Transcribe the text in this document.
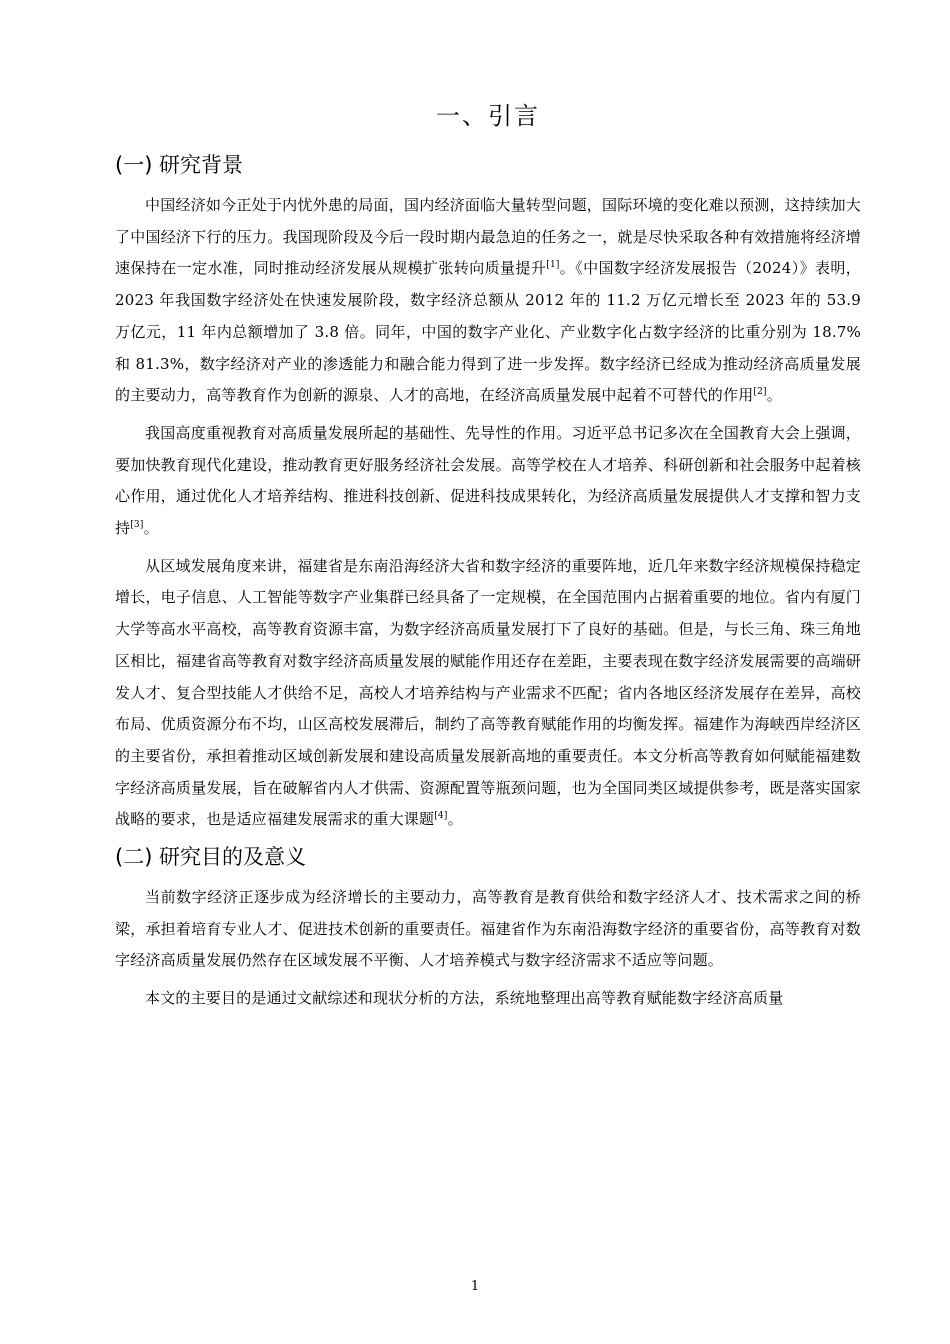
一、引言
(一) 研究背景

中国经济如今正处于内忧外患的局面，国内经济面临大量转型问题，国际环境的变化难以预测，这持续加大了中国经济下行的压力。我国现阶段及今后一段时期内最急迫的任务之一，就是尽快采取各种有效措施将经济增速保持在一定水准，同时推动经济发展从规模扩张转向质量提升[1]。《中国数字经济发展报告（2024）》表明，2023 年我国数字经济处在快速发展阶段，数字经济总额从 2012 年的 11.2 万亿元增长至 2023 年的 53.9 万亿元，11 年内总额增加了 3.8 倍。同年，中国的数字产业化、产业数字化占数字经济的比重分别为 18.7%和 81.3%，数字经济对产业的渗透能力和融合能力得到了进一步发挥。数字经济已经成为推动经济高质量发展的主要动力，高等教育作为创新的源泉、人才的高地，在经济高质量发展中起着不可替代的作用[2]。

我国高度重视教育对高质量发展所起的基础性、先导性的作用。习近平总书记多次在全国教育大会上强调，要加快教育现代化建设，推动教育更好服务经济社会发展。高等学校在人才培养、科研创新和社会服务中起着核心作用，通过优化人才培养结构、推进科技创新、促进科技成果转化，为经济高质量发展提供人才支撑和智力支持[3]。

从区域发展角度来讲，福建省是东南沿海经济大省和数字经济的重要阵地，近几年来数字经济规模保持稳定增长，电子信息、人工智能等数字产业集群已经具备了一定规模，在全国范围内占据着重要的地位。省内有厦门大学等高水平高校，高等教育资源丰富，为数字经济高质量发展打下了良好的基础。但是，与长三角、珠三角地区相比，福建省高等教育对数字经济高质量发展的赋能作用还存在差距，主要表现在数字经济发展需要的高端研发人才、复合型技能人才供给不足，高校人才培养结构与产业需求不匹配；省内各地区经济发展存在差异，高校布局、优质资源分布不均，山区高校发展滞后，制约了高等教育赋能作用的均衡发挥。福建作为海峡西岸经济区的主要省份，承担着推动区域创新发展和建设高质量发展新高地的重要责任。本文分析高等教育如何赋能福建数字经济高质量发展，旨在破解省内人才供需、资源配置等瓶颈问题，也为全国同类区域提供参考，既是落实国家战略的要求，也是适应福建发展需求的重大课题[4]。

(二) 研究目的及意义

当前数字经济正逐步成为经济增长的主要动力，高等教育是教育供给和数字经济人才、技术需求之间的桥梁，承担着培育专业人才、促进技术创新的重要责任。福建省作为东南沿海数字经济的重要省份，高等教育对数字经济高质量发展仍然存在区域发展不平衡、人才培养模式与数字经济需求不适应等问题。

本文的主要目的是通过文献综述和现状分析的方法，系统地整理出高等教育赋能数字经济高质量

1
